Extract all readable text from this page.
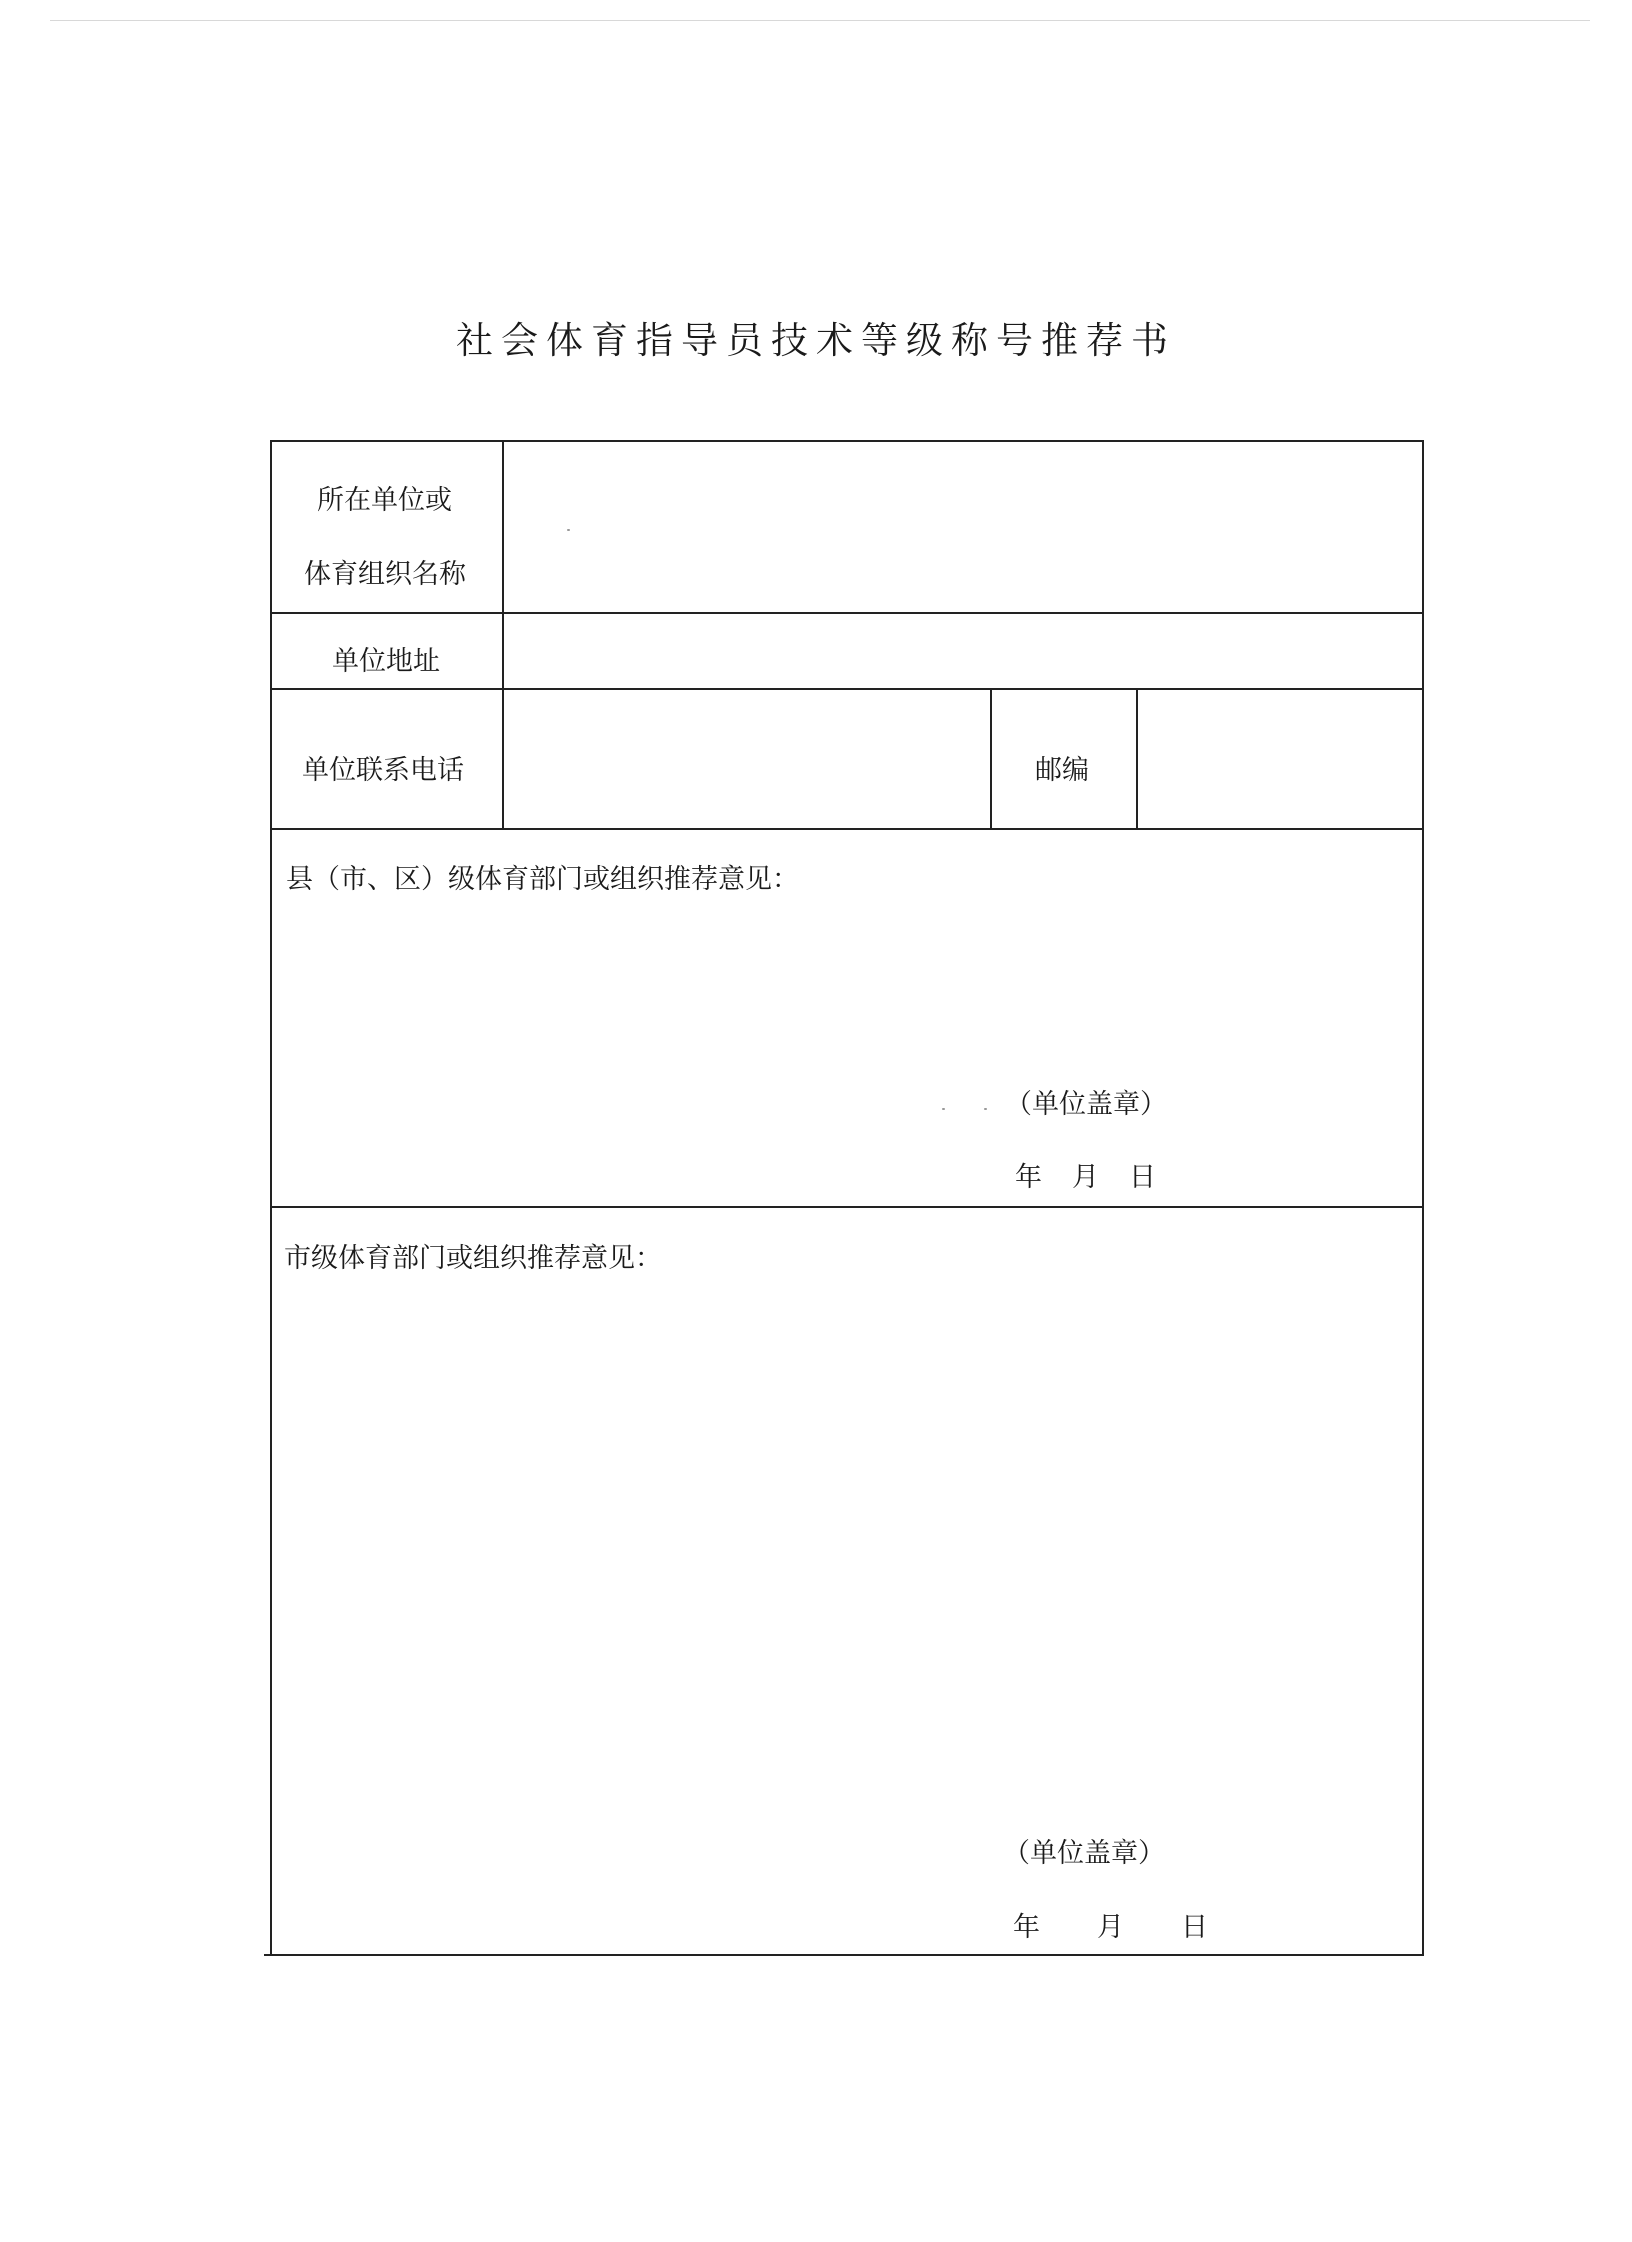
社会体育指导员技术等级称号推荐书
所在单位或
体育组织名称
单位地址
单位联系电话	邮编
县（市、区）级体育部门或组织推荐意见：
（单位盖章）
年 月 日
市级体育部门或组织推荐意见：
（单位盖章）
年 月 日
